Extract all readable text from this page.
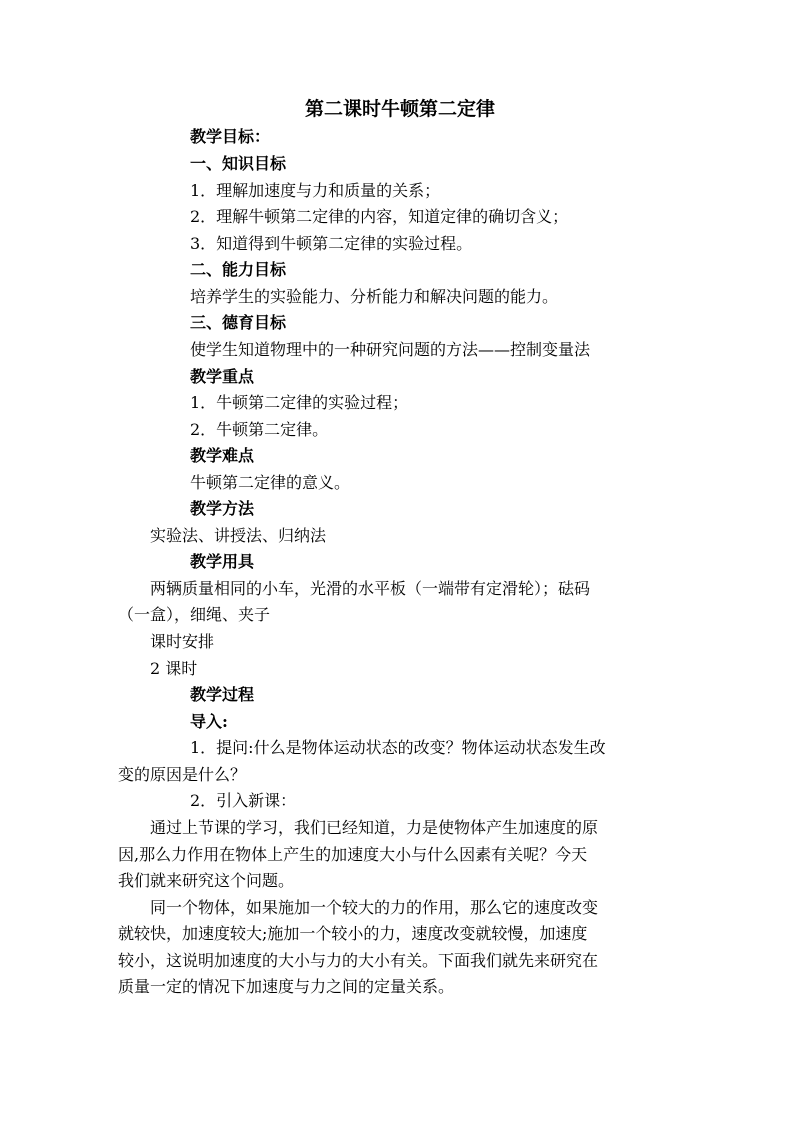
第二课时牛顿第二定律
教学目标：
一、知识目标
1．理解加速度与力和质量的关系；
2．理解牛顿第二定律的内容，知道定律的确切含义；
3．知道得到牛顿第二定律的实验过程。
二、能力目标
培养学生的实验能力、分析能力和解决问题的能力。
三、德育目标
使学生知道物理中的一种研究问题的方法——控制变量法
教学重点
1．牛顿第二定律的实验过程；
2．牛顿第二定律。
教学难点
牛顿第二定律的意义。
教学方法
实验法、讲授法、归纳法
教学用具
两辆质量相同的小车，光滑的水平板（一端带有定滑轮）；砝码
（一盒），细绳、夹子
课时安排
2 课时
教学过程
导入:
1．提问:什么是物体运动状态的改变？物体运动状态发生改
变的原因是什么？
2．引入新课：
通过上节课的学习，我们已经知道，力是使物体产生加速度的原
因,那么力作用在物体上产生的加速度大小与什么因素有关呢？今天
我们就来研究这个问题。
同一个物体，如果施加一个较大的力的作用，那么它的速度改变
就较快，加速度较大;施加一个较小的力，速度改变就较慢，加速度
较小，这说明加速度的大小与力的大小有关。下面我们就先来研究在
质量一定的情况下加速度与力之间的定量关系。
